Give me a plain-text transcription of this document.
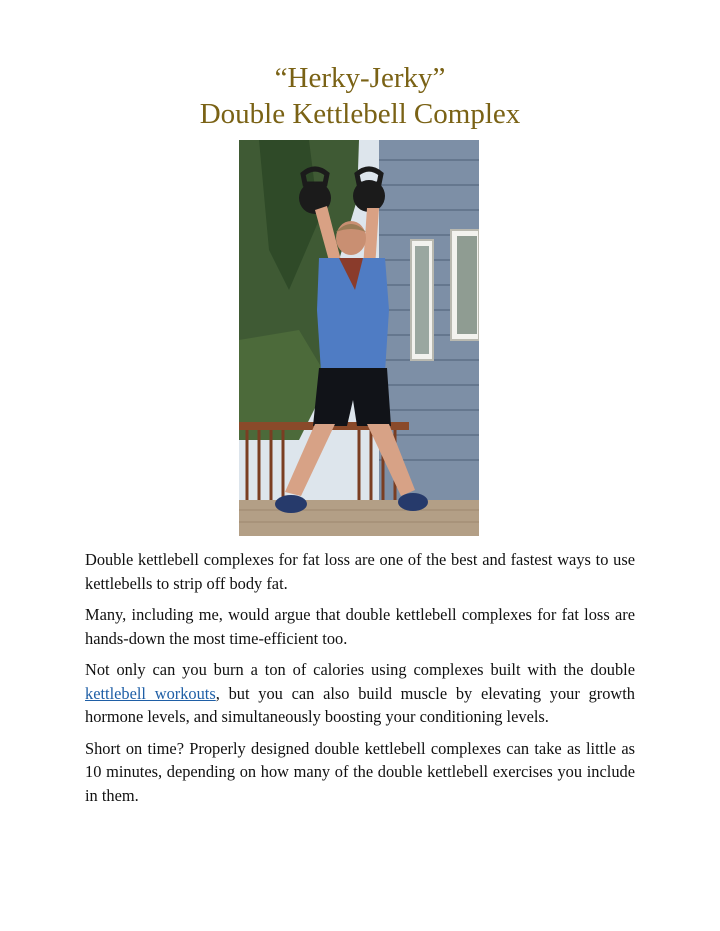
“Herky-Jerky”
Double Kettlebell Complex

Double kettlebell complexes for fat loss are one of the best and fastest ways to use kettlebells to strip off body fat.

Many, including me, would argue that double kettlebell complexes for fat loss are hands-down the most time-efficient too.

Not only can you burn a ton of calories using complexes built with the double kettlebell workouts, but you can also build muscle by elevating your growth hormone levels, and simultaneously boosting your conditioning levels.

Short on time? Properly designed double kettlebell complexes can take as little as 10 minutes, depending on how many of the double kettlebell exercises you include in them.
